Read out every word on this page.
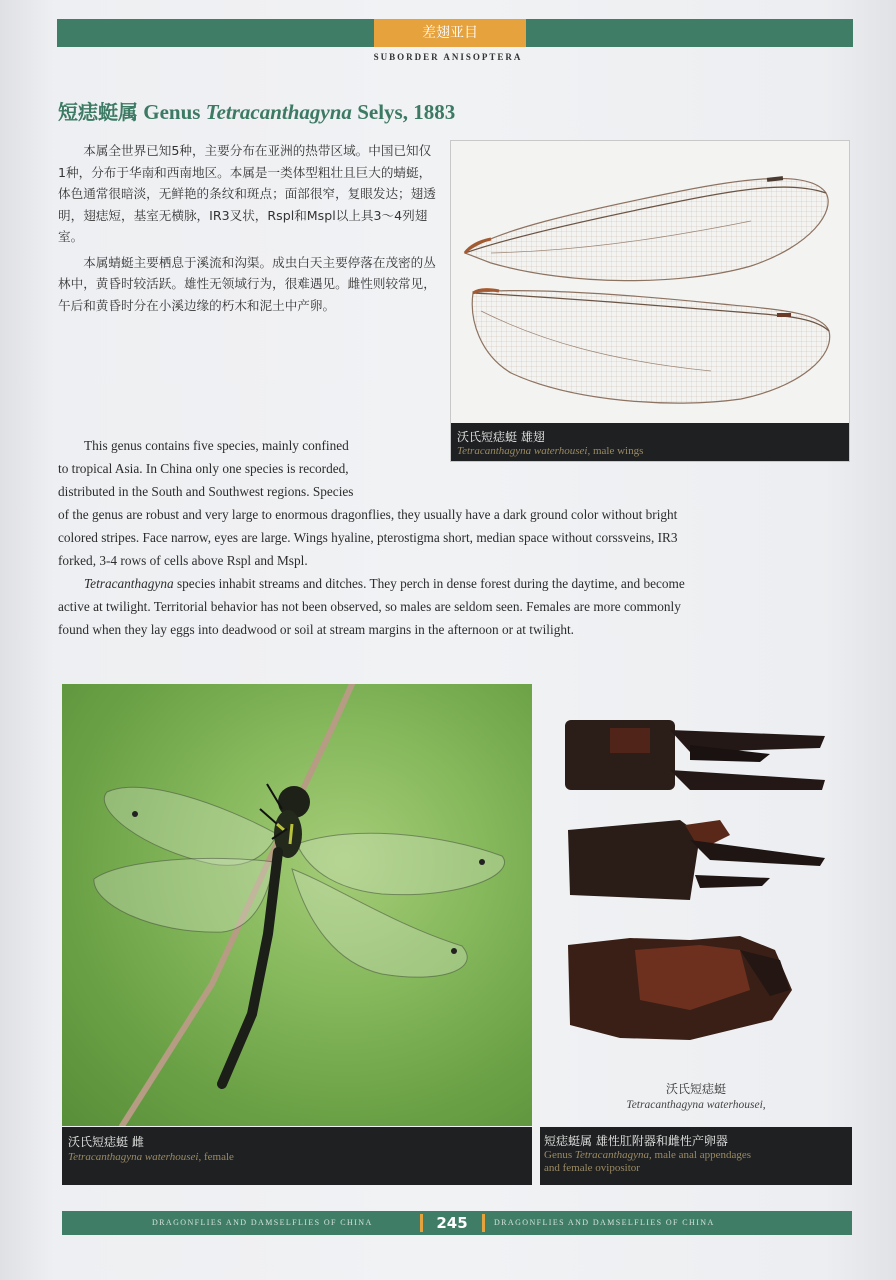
差翅亚目
SUBORDER ANISOPTERA
短痣蜓属 Genus Tetracanthagyna Selys, 1883

本属全世界已知5种，主要分布在亚洲的热带区域。中国已知仅1种，分布于华南和西南地区。本属是一类体型粗壮且巨大的蜻蜓，体色通常很暗淡，无鲜艳的条纹和斑点；面部很窄，复眼发达；翅透明，翅痣短，基室无横脉，IR3叉状，Rspl和Mspl以上具3～4列翅室。

本属蜻蜓主要栖息于溪流和沟渠。成虫白天主要停落在茂密的丛林中，黄昏时较活跃。雄性无领域行为，很难遇见。雌性则较常见，午后和黄昏时分在小溪边缘的朽木和泥土中产卵。

沃氏短痣蜓 雄翅
Tetracanthagyna waterhousei, male wings

This genus contains five species, mainly confined

to tropical Asia. In China only one species is recorded,

distributed in the South and Southwest regions. Species

of the genus are robust and very large to enormous dragonflies, they usually have a dark ground color without bright

colored stripes. Face narrow, eyes are large. Wings hyaline, pterostigma short, median space without corssveins, IR3

forked, 3-4 rows of cells above Rspl and Mspl.

Tetracanthagyna species inhabit streams and ditches. They perch in dense forest during the daytime, and become

active at twilight. Territorial behavior has not been observed, so males are seldom seen. Females are more commonly

found when they lay eggs into deadwood or soil at stream margins in the afternoon or at twilight.

沃氏短痣蜓 雌
Tetracanthagyna waterhousei, female
沃氏短痣蜓
Tetracanthagyna waterhousei,
短痣蜓属 雄性肛附器和雌性产卵器
Genus Tetracanthagyna, male anal appendages
and female ovipositor
DRAGONFLIES AND DAMSELFLIES OF CHINA	245	DRAGONFLIES AND DAMSELFLIES OF CHINA
